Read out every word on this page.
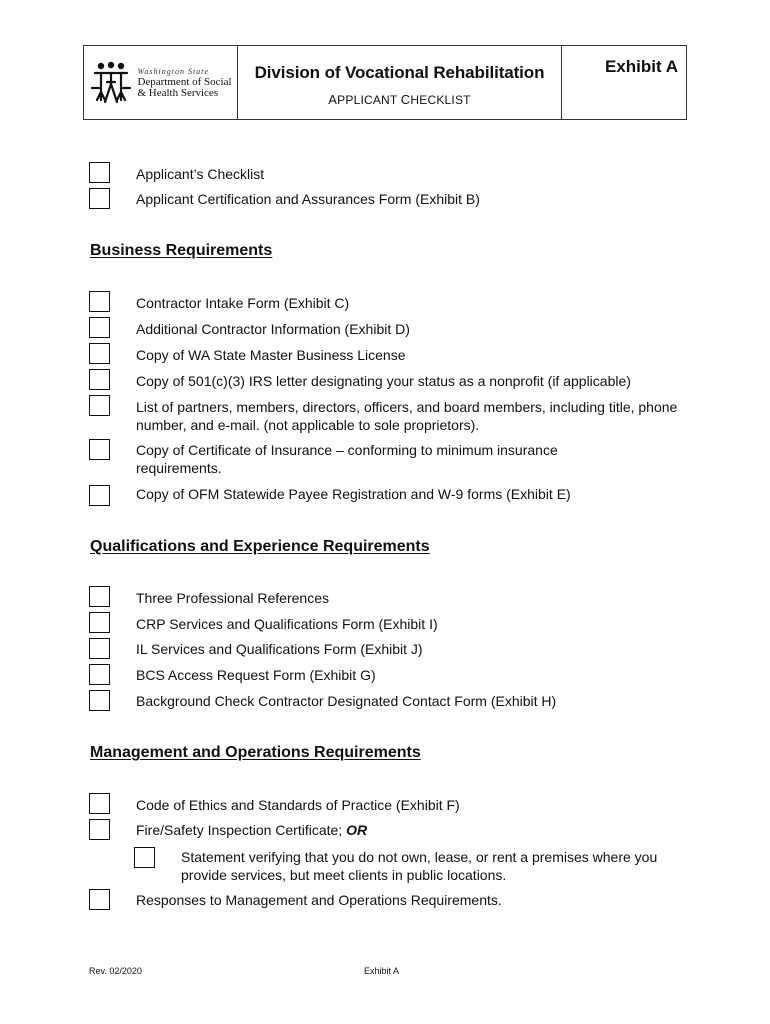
Washington State
Department of Social
& Health Services
Division of Vocational Rehabilitation
APPLICANT CHECKLIST
Exhibit A
Applicant’s Checklist
Applicant Certification and Assurances Form (Exhibit B)
Business Requirements
Contractor Intake Form (Exhibit C)
Additional Contractor Information (Exhibit D)
Copy of WA State Master Business License
Copy of 501(c)(3) IRS letter designating your status as a nonprofit (if applicable)
List of partners, members, directors, officers, and board members, including title, phone number, and e-mail. (not applicable to sole proprietors).
Copy of Certificate of Insurance – conforming to minimum insurance requirements.
Copy of OFM Statewide Payee Registration and W-9 forms (Exhibit E)
Qualifications and Experience Requirements
Three Professional References
CRP Services and Qualifications Form (Exhibit I)
IL Services and Qualifications Form (Exhibit J)
BCS Access Request Form (Exhibit G)
Background Check Contractor Designated Contact Form (Exhibit H)
Management and Operations Requirements
Code of Ethics and Standards of Practice (Exhibit F)
Fire/Safety Inspection Certificate; OR
Statement verifying that you do not own, lease, or rent a premises where you provide services, but meet clients in public locations.
Responses to Management and Operations Requirements.
Rev. 02/2020	Exhibit A
